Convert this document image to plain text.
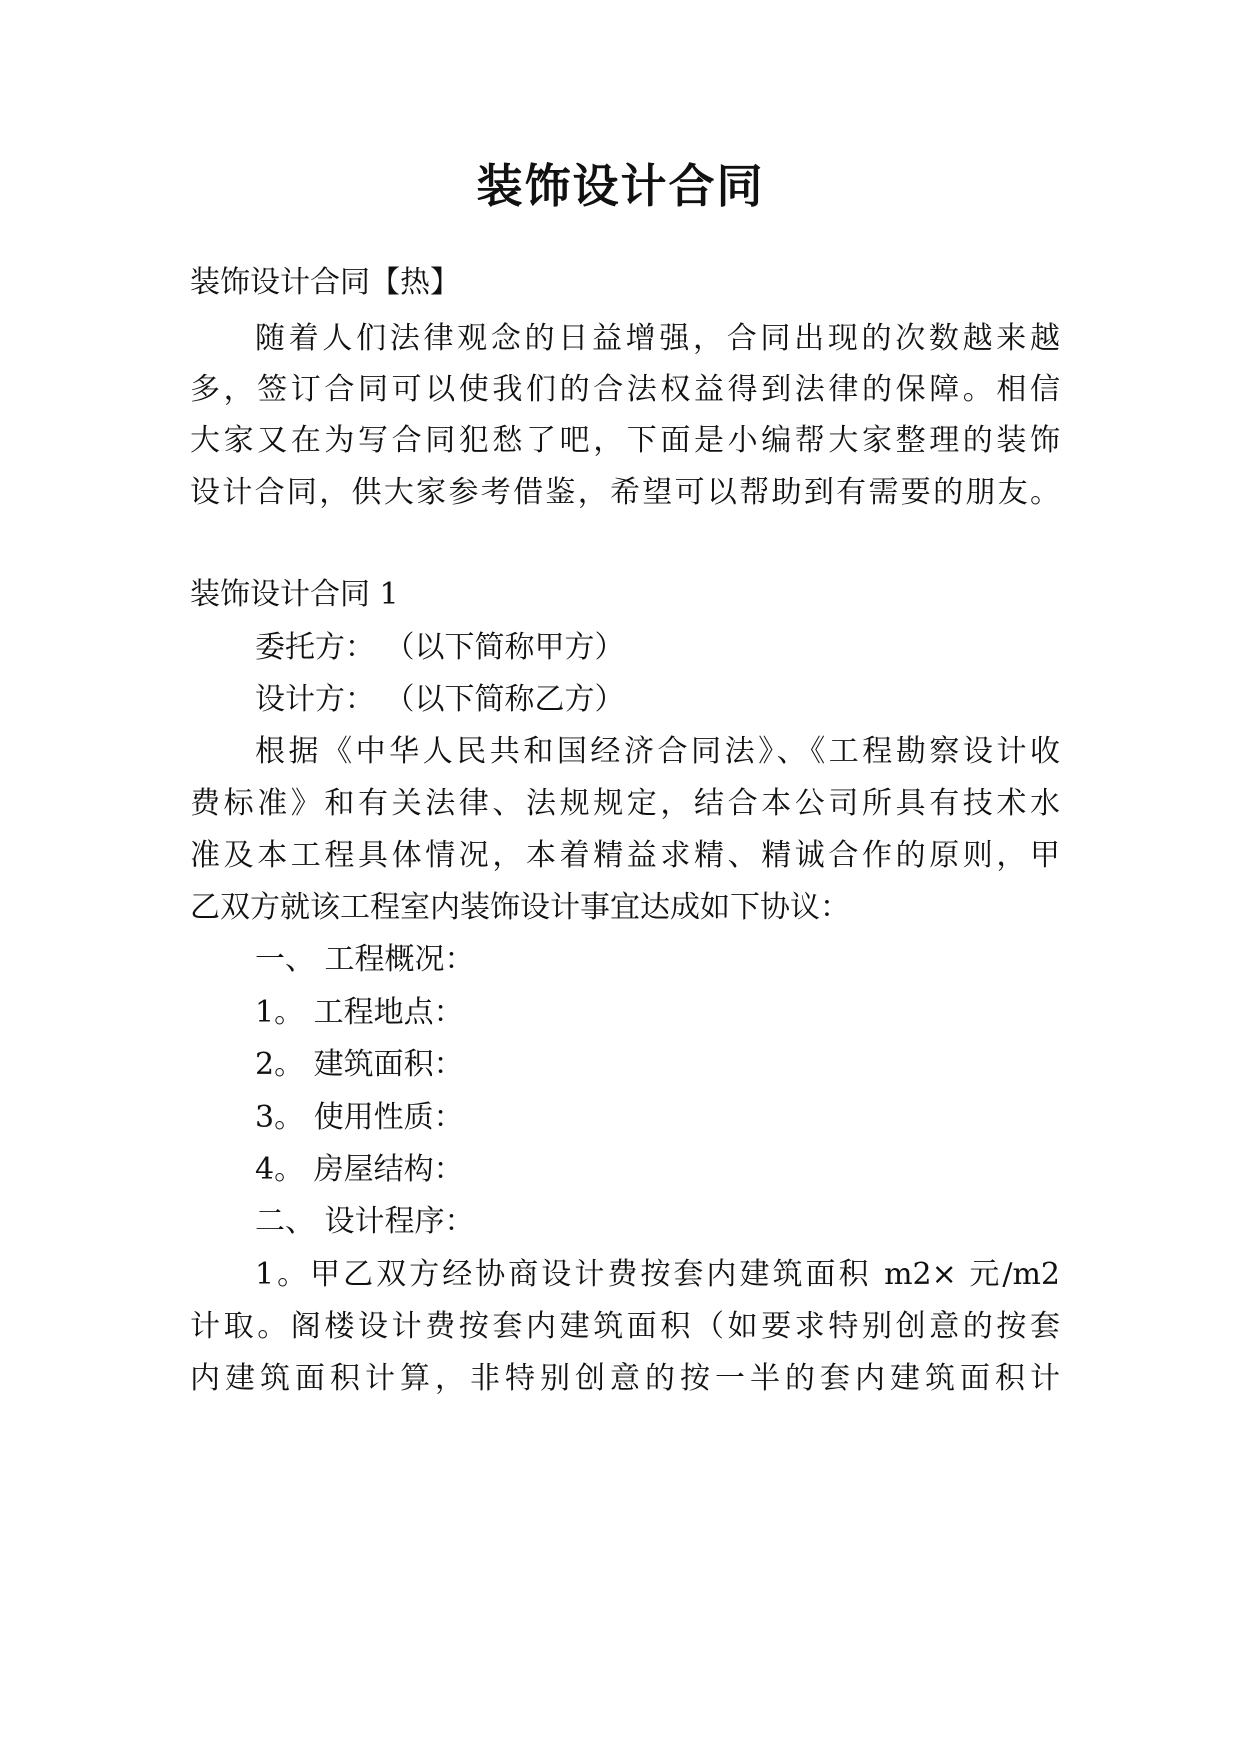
装饰设计合同
装饰设计合同【热】
随着人们法律观念的日益增强，合同出现的次数越来越
多，签订合同可以使我们的合法权益得到法律的保障。相信
大家又在为写合同犯愁了吧，下面是小编帮大家整理的装饰
设计合同，供大家参考借鉴，希望可以帮助到有需要的朋友。
装饰设计合同 1
委托方： （以下简称甲方）
设计方： （以下简称乙方）
根据《中华人民共和国经济合同法》、《工程勘察设计收
费标准》和有关法律、法规规定，结合本公司所具有技术水
准及本工程具体情况，本着精益求精、精诚合作的原则，甲
乙双方就该工程室内装饰设计事宜达成如下协议：
一、 工程概况：
1。 工程地点：
2。 建筑面积：
3。 使用性质：
4。 房屋结构：
二、 设计程序：
1。甲乙双方经协商设计费按套内建筑面积 m2× 元/m2
计取。阁楼设计费按套内建筑面积（如要求特别创意的按套
内建筑面积计算，非特别创意的按一半的套内建筑面积计
